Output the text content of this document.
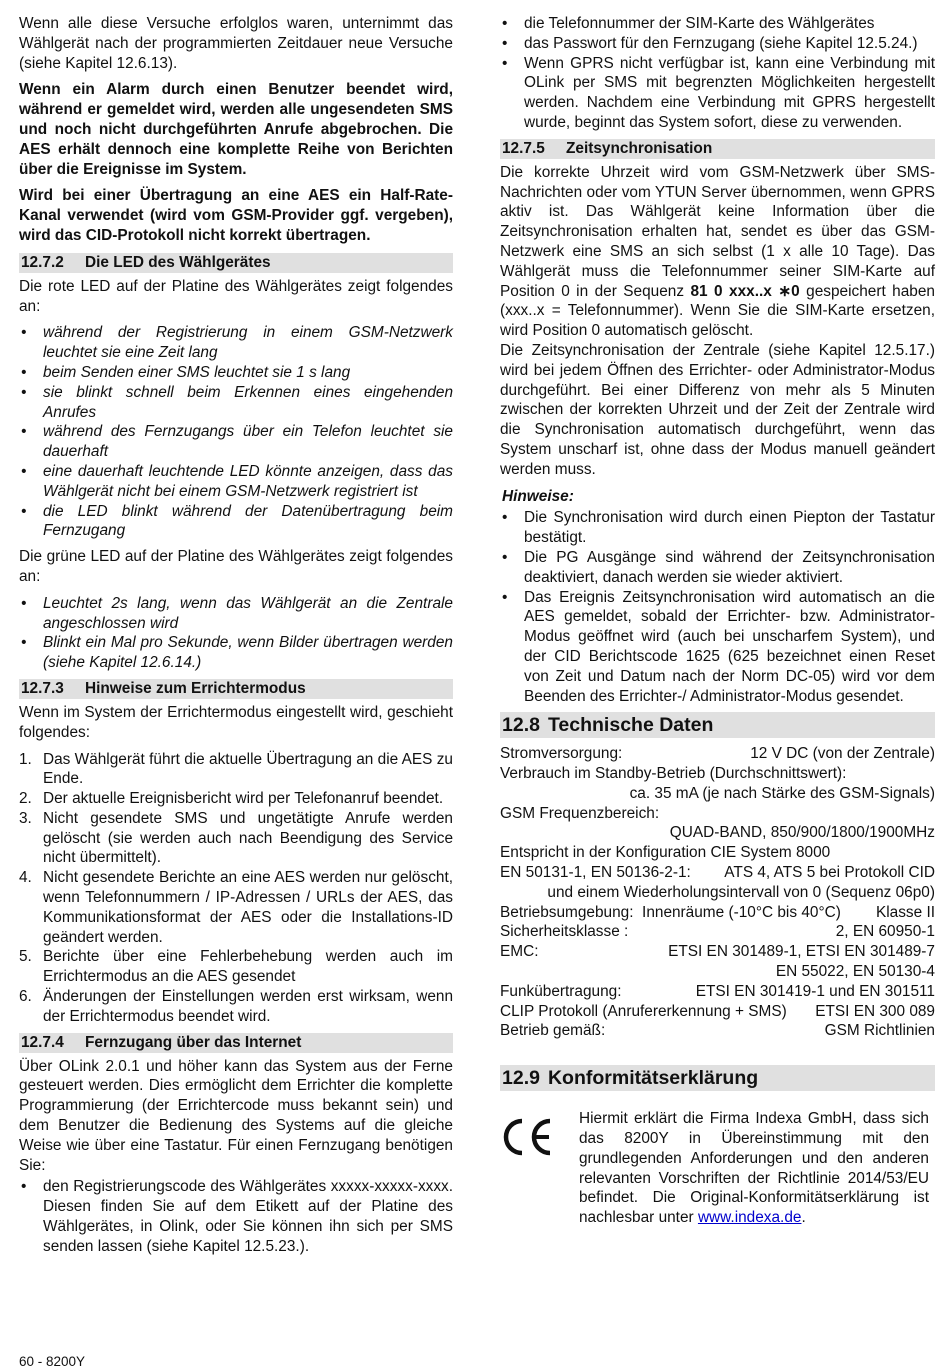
Wenn alle diese Versuche erfolglos waren, unternimmt das Wählgerät nach der programmierten Zeitdauer neue Versuche (siehe Kapitel 12.6.13).

Wenn ein Alarm durch einen Benutzer beendet wird, während er gemeldet wird, werden alle ungesendeten SMS und noch nicht durchgeführten Anrufe abgebrochen. Die AES erhält dennoch eine komplette Reihe von Berichten über die Ereignisse im System.

Wird bei einer Übertragung an eine AES ein Half-Rate-Kanal verwendet (wird vom GSM-Provider ggf. vergeben), wird das CID-Protokoll nicht korrekt übertragen.

12.7.2 Die LED des Wählgerätes

Die rote LED auf der Platine des Wählgerätes zeigt folgendes an:

• während der Registrierung in einem GSM-Netzwerk leuchtet sie eine Zeit lang
• beim Senden einer SMS leuchtet sie 1 s lang
• sie blinkt schnell beim Erkennen eines eingehenden Anrufes
• während des Fernzugangs über ein Telefon leuchtet sie dauerhaft
• eine dauerhaft leuchtende LED könnte anzeigen, dass das Wählgerät nicht bei einem GSM-Netzwerk registriert ist
• die LED blinkt während der Datenübertragung beim Fernzugang

Die grüne LED auf der Platine des Wählgerätes zeigt folgendes an:

• Leuchtet 2s lang, wenn das Wählgerät an die Zentrale angeschlossen wird
• Blinkt ein Mal pro Sekunde, wenn Bilder übertragen werden (siehe Kapitel 12.6.14.)
12.7.3 Hinweise zum Errichtermodus

Wenn im System der Errichtermodus eingestellt wird, geschieht folgendes:

1. Das Wählgerät führt die aktuelle Übertragung an die AES zu Ende.
2. Der aktuelle Ereignisbericht wird per Telefonanruf beendet.
3. Nicht gesendete SMS und ungetätigte Anrufe werden gelöscht (sie werden auch nach Beendigung des Service nicht übermittelt).
4. Nicht gesendete Berichte an eine AES werden nur gelöscht, wenn Telefonnummern / IP-Adressen / URLs der AES, das Kommunikationsformat der AES oder die Installations-ID geändert werden.
5. Berichte über eine Fehlerbehebung werden auch im Errichtermodus an die AES gesendet
6. Änderungen der Einstellungen werden erst wirksam, wenn der Errichtermodus beendet wird.
12.7.4 Fernzugang über das Internet

Über OLink 2.0.1 und höher kann das System aus der Ferne gesteuert werden. Dies ermöglicht dem Errichter die komplette Programmierung (der Errichtercode muss bekannt sein) und dem Benutzer die Bedienung des Systems auf die gleiche Weise wie über eine Tastatur. Für einen Fernzugang benötigen Sie:

• den Registrierungscode des Wählgerätes xxxxx-xxxxx-xxxx. Diesen finden Sie auf dem Etikett auf der Platine des Wählgerätes, in Olink, oder Sie können ihn sich per SMS senden lassen (siehe Kapitel 12.5.23.).
• die Telefonnummer der SIM-Karte des Wählgerätes
• das Passwort für den Fernzugang (siehe Kapitel 12.5.24.)
• Wenn GPRS nicht verfügbar ist, kann eine Verbindung mit OLink per SMS mit begrenzten Möglichkeiten hergestellt werden. Nachdem eine Verbindung mit GPRS hergestellt wurde, beginnt das System sofort, diese zu verwenden.
12.7.5 Zeitsynchronisation

Die korrekte Uhrzeit wird vom GSM-Netzwerk über SMS-Nachrichten oder vom YTUN Server übernommen, wenn GPRS aktiv ist. Das Wählgerät keine Information über die Zeitsynchronisation erhalten hat, sendet es über das GSM-Netzwerk eine SMS an sich selbst (1 x alle 10 Tage). Das Wählgerät muss die Telefonnummer seiner SIM-Karte auf Position 0 in der Sequenz 81 0 xxx..x ∗0 gespeichert haben (xxx..x = Telefonnummer). Wenn Sie die SIM-Karte ersetzen, wird Position 0 automatisch gelöscht.

Die Zeitsynchronisation der Zentrale (siehe Kapitel 12.5.17.) wird bei jedem Öffnen des Errichter- oder Administrator-Modus durchgeführt. Bei einer Differenz von mehr als 5 Minuten zwischen der korrekten Uhrzeit und der Zeit der Zentrale wird die Synchronisation automatisch durchgeführt, wenn das System unscharf ist, ohne dass der Modus manuell geändert werden muss.

Hinweise:
• Die Synchronisation wird durch einen Piepton der Tastatur bestätigt.
• Die PG Ausgänge sind während der Zeitsynchronisation deaktiviert, danach werden sie wieder aktiviert.
• Das Ereignis Zeitsynchronisation wird automatisch an die AES gemeldet, sobald der Errichter- bzw. Administrator-Modus geöffnet wird (auch bei unscharfem System), und der CID Berichtscode 1625 (625 bezeichnet einen Reset von Zeit und Datum nach der Norm DC-05) wird vor dem Beenden des Errichter-/ Administrator-Modus gesendet.
12.8 Technische Daten
Stromversorgung:	12 V DC (von der Zentrale)
Verbrauch im Standby-Betrieb (Durchschnittswert):
ca. 35 mA (je nach Stärke des GSM-Signals)
GSM Frequenzbereich:
QUAD-BAND, 850/900/1800/1900MHz
Entspricht in der Konfiguration CIE System 8000
EN 50131-1, EN 50136-2-1: ATS 4, ATS 5 bei Protokoll CID
und einem Wiederholungsintervall von 0 (Sequenz 06p0)
Betriebsumgebung: Innenräume (-10°C bis 40°C) Klasse II
Sicherheitsklasse :	2, EN 60950-1
EMC:	ETSI EN 301489-1, ETSI EN 301489-7
EN 55022, EN 50130-4
Funkübertragung:	ETSI EN 301419-1 und EN 301511
CLIP Protokoll (Anrufererkennung + SMS) ETSI EN 300 089
Betrieb gemäß:	GSM Richtlinien
12.9 Konformitätserklärung
Hiermit erklärt die Firma Indexa GmbH, dass sich das 8200Y in Übereinstimmung mit den grundlegenden Anforderungen und den anderen relevanten Vorschriften der Richtlinie 2014/53/EU befindet. Die Original-Konformitätserklärung ist nachlesbar unter www.indexa.de.
60 - 8200Y
